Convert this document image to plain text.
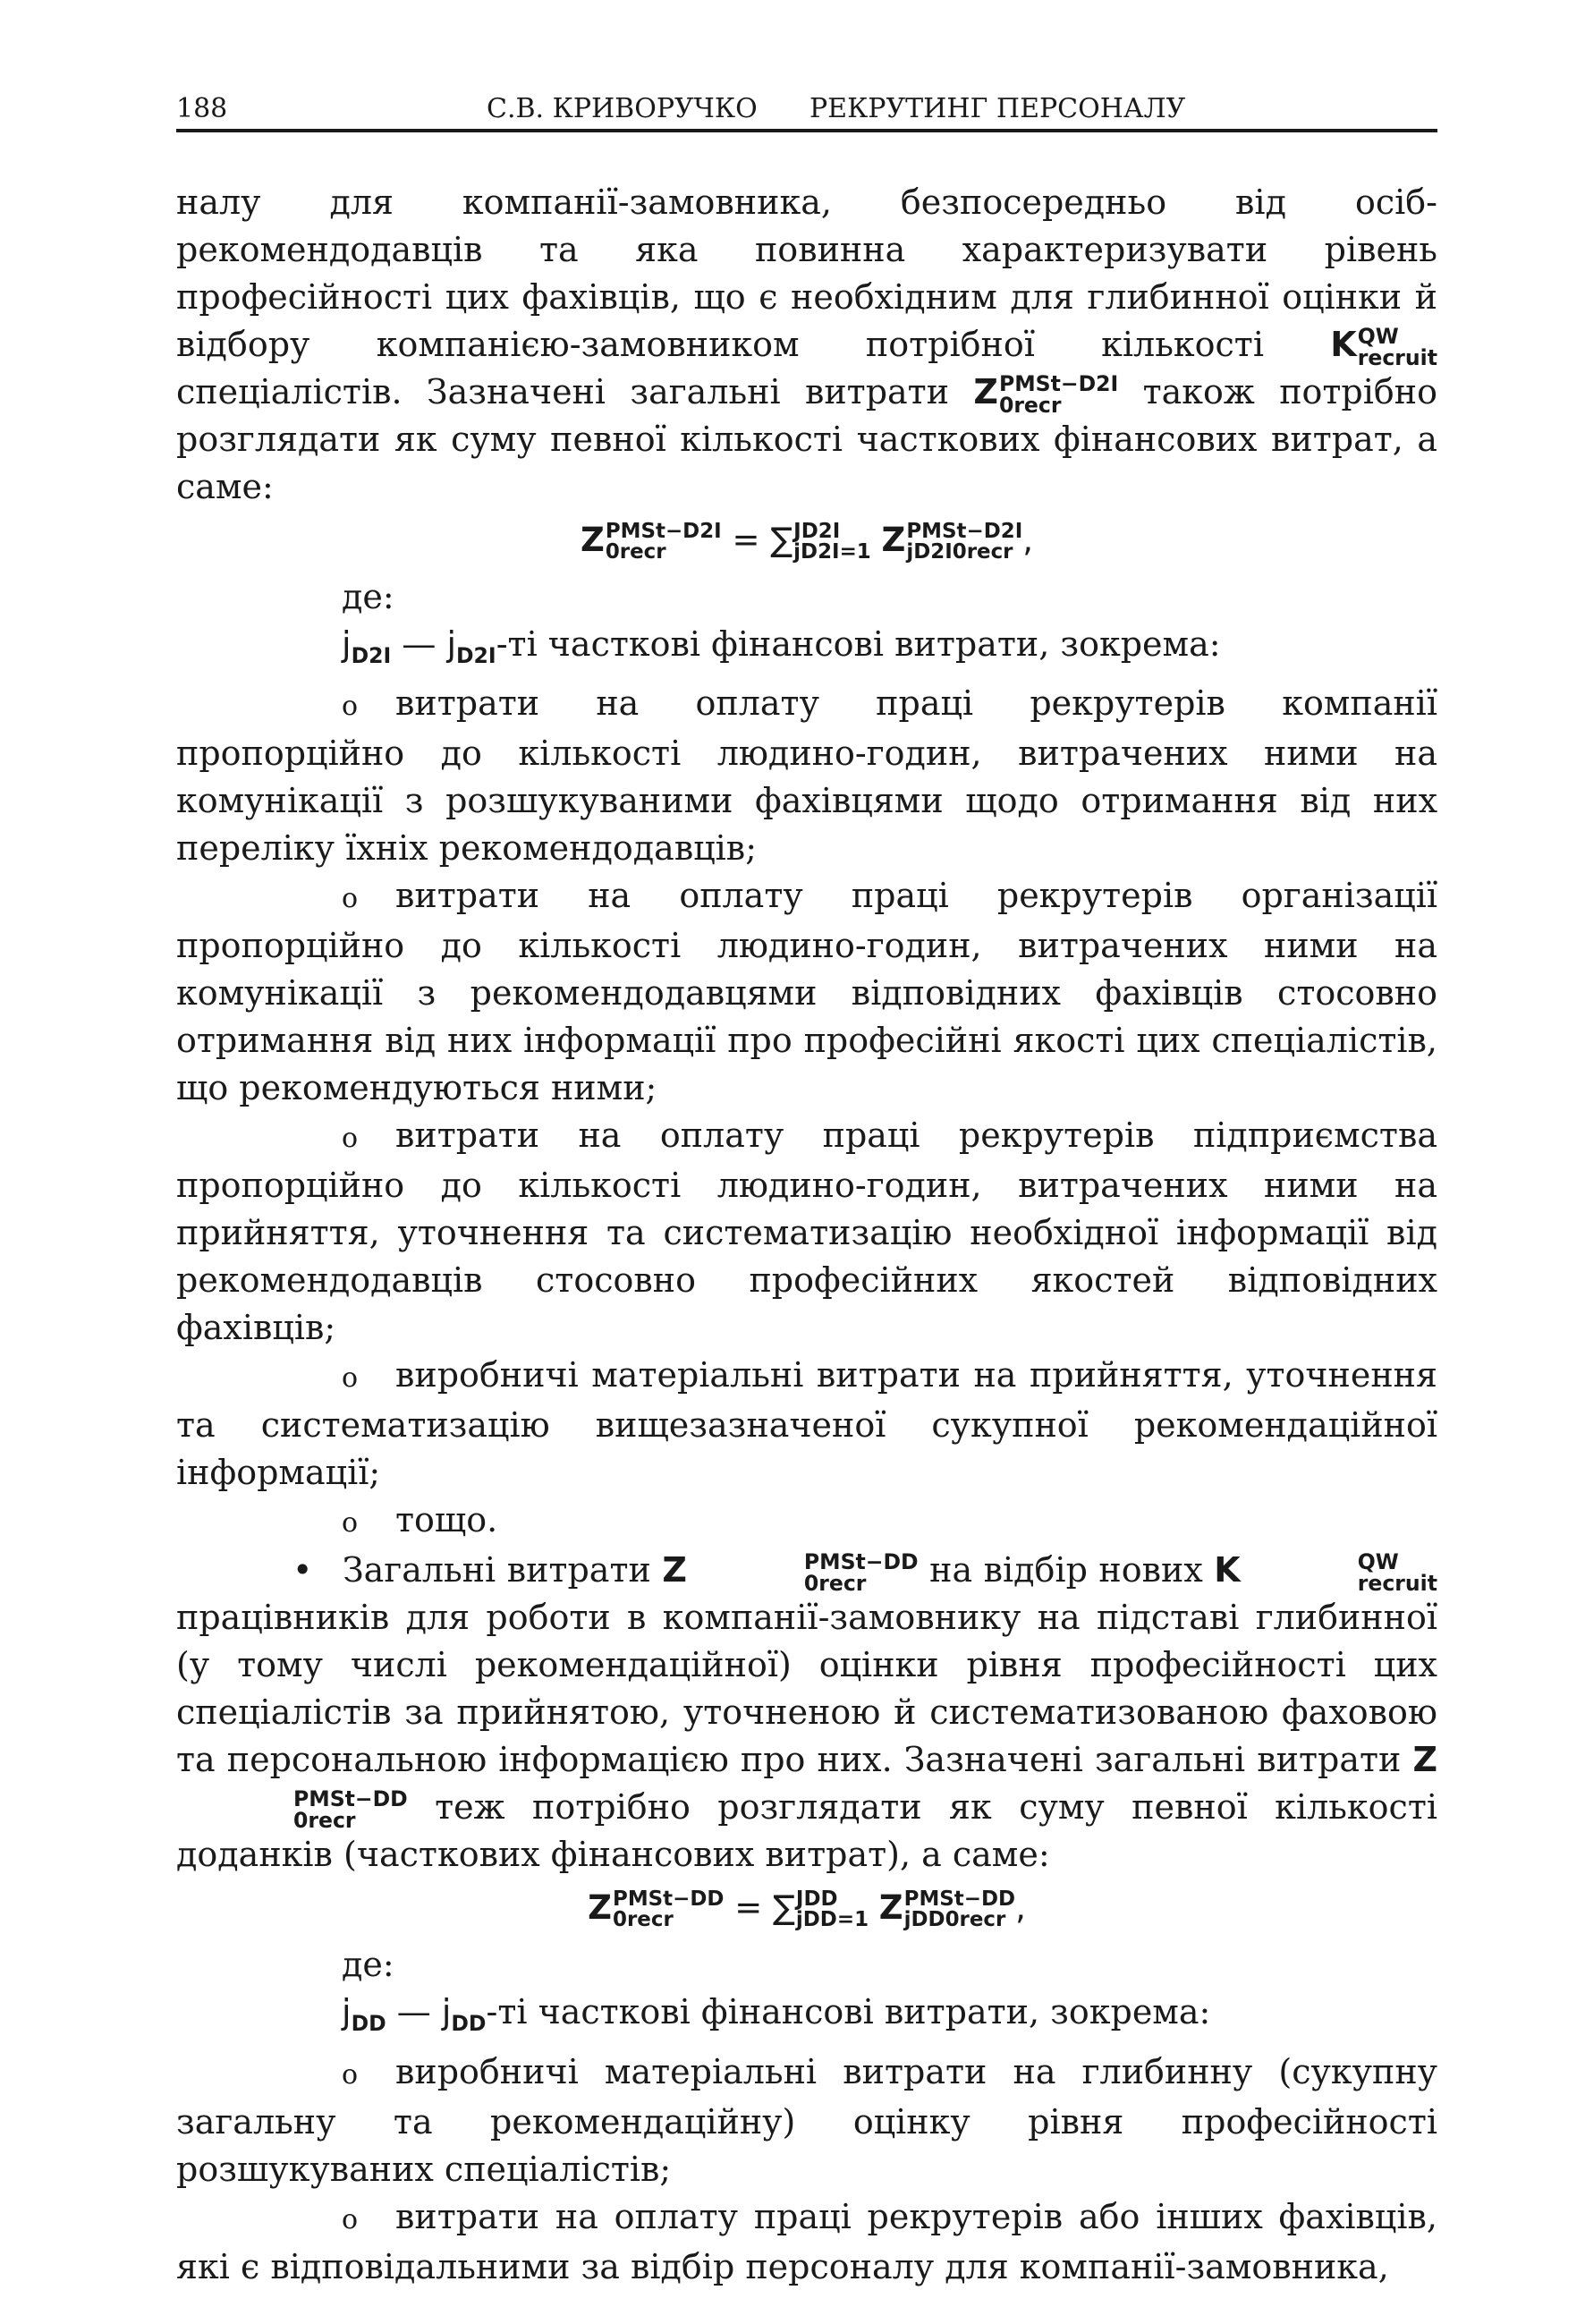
188	С.В. КРИВОРУЧКО РЕКРУТИНГ ПЕРСОНАЛУ

налу для компанії-замовника, безпосередньо від осіб-рекомендодавців та яка повинна характеризувати рівень професійності цих фахівців, що є необхідним для глибинної оцінки й відбору компанією-замовником потрібної кількості K QW
recruit
спеціалістів. Зазначені загальні витрати Z PMSt−D2I
0recr	також потрібно розглядати як суму певної кількості часткових фінансових витрат, а саме:

Z PMSt−D2I
0recr	= ∑ JD2I
jD2I=1 Z PMSt−D2I
jD2I0recr ,

де:

$j_{D2I}$ — $j_{D2I}-ті$ часткові фінансові витрати, зокрема:

o витрати на оплату праці рекрутерів компанії пропорційно до кількості людино-годин, витрачених ними на комунікації з розшукуваними фахівцями щодо отримання від них переліку їхніх рекомендодавців;

o витрати на оплату праці рекрутерів організації пропорційно до кількості людино-годин, витрачених ними на комунікації з рекомендодавцями відповідних фахівців стосовно отримання від них інформації про професійні якості цих спеціалістів, що рекомендуються ними;

o витрати на оплату праці рекрутерів підприємства пропорційно до кількості людино-годин, витрачених ними на прийняття, уточнення та систематизацію необхідної інформації від рекомендодавців стосовно професійних якостей відповідних фахівців;

o виробничі матеріальні витрати на прийняття, уточнення та систематизацію вищезазначеної сукупної рекомендаційної інформації;

o тощо.

• Загальні витрати Z	PMSt−DD
0recr	на відбір нових K	QW
recruit
працівників для роботи в компанії-замовнику на підставі глибинної (у тому числі рекомендаційної) оцінки рівня професійності цих спеціалістів за прийнятою, уточненою й систематизованою фаховою та персональною інформацією про них. Зазначені загальні витрати Z
PMSt−DD
0recr	теж потрібно розглядати як суму певної кількості доданків (часткових фінансових витрат), а саме:

Z PMSt−DD
0recr	= ∑ JDD
jDD=1 Z PMSt−DD
jDD0recr ,

де:

$j_{DD}$ — $j_{DD}-ті$ часткові фінансові витрати, зокрема:

o виробничі матеріальні витрати на глибинну (сукупну загальну та рекомендаційну) оцінку рівня професійності розшукуваних спеціалістів;

o витрати на оплату праці рекрутерів або інших фахівців, які є відповідальними за відбір персоналу для компанії-замовника,
